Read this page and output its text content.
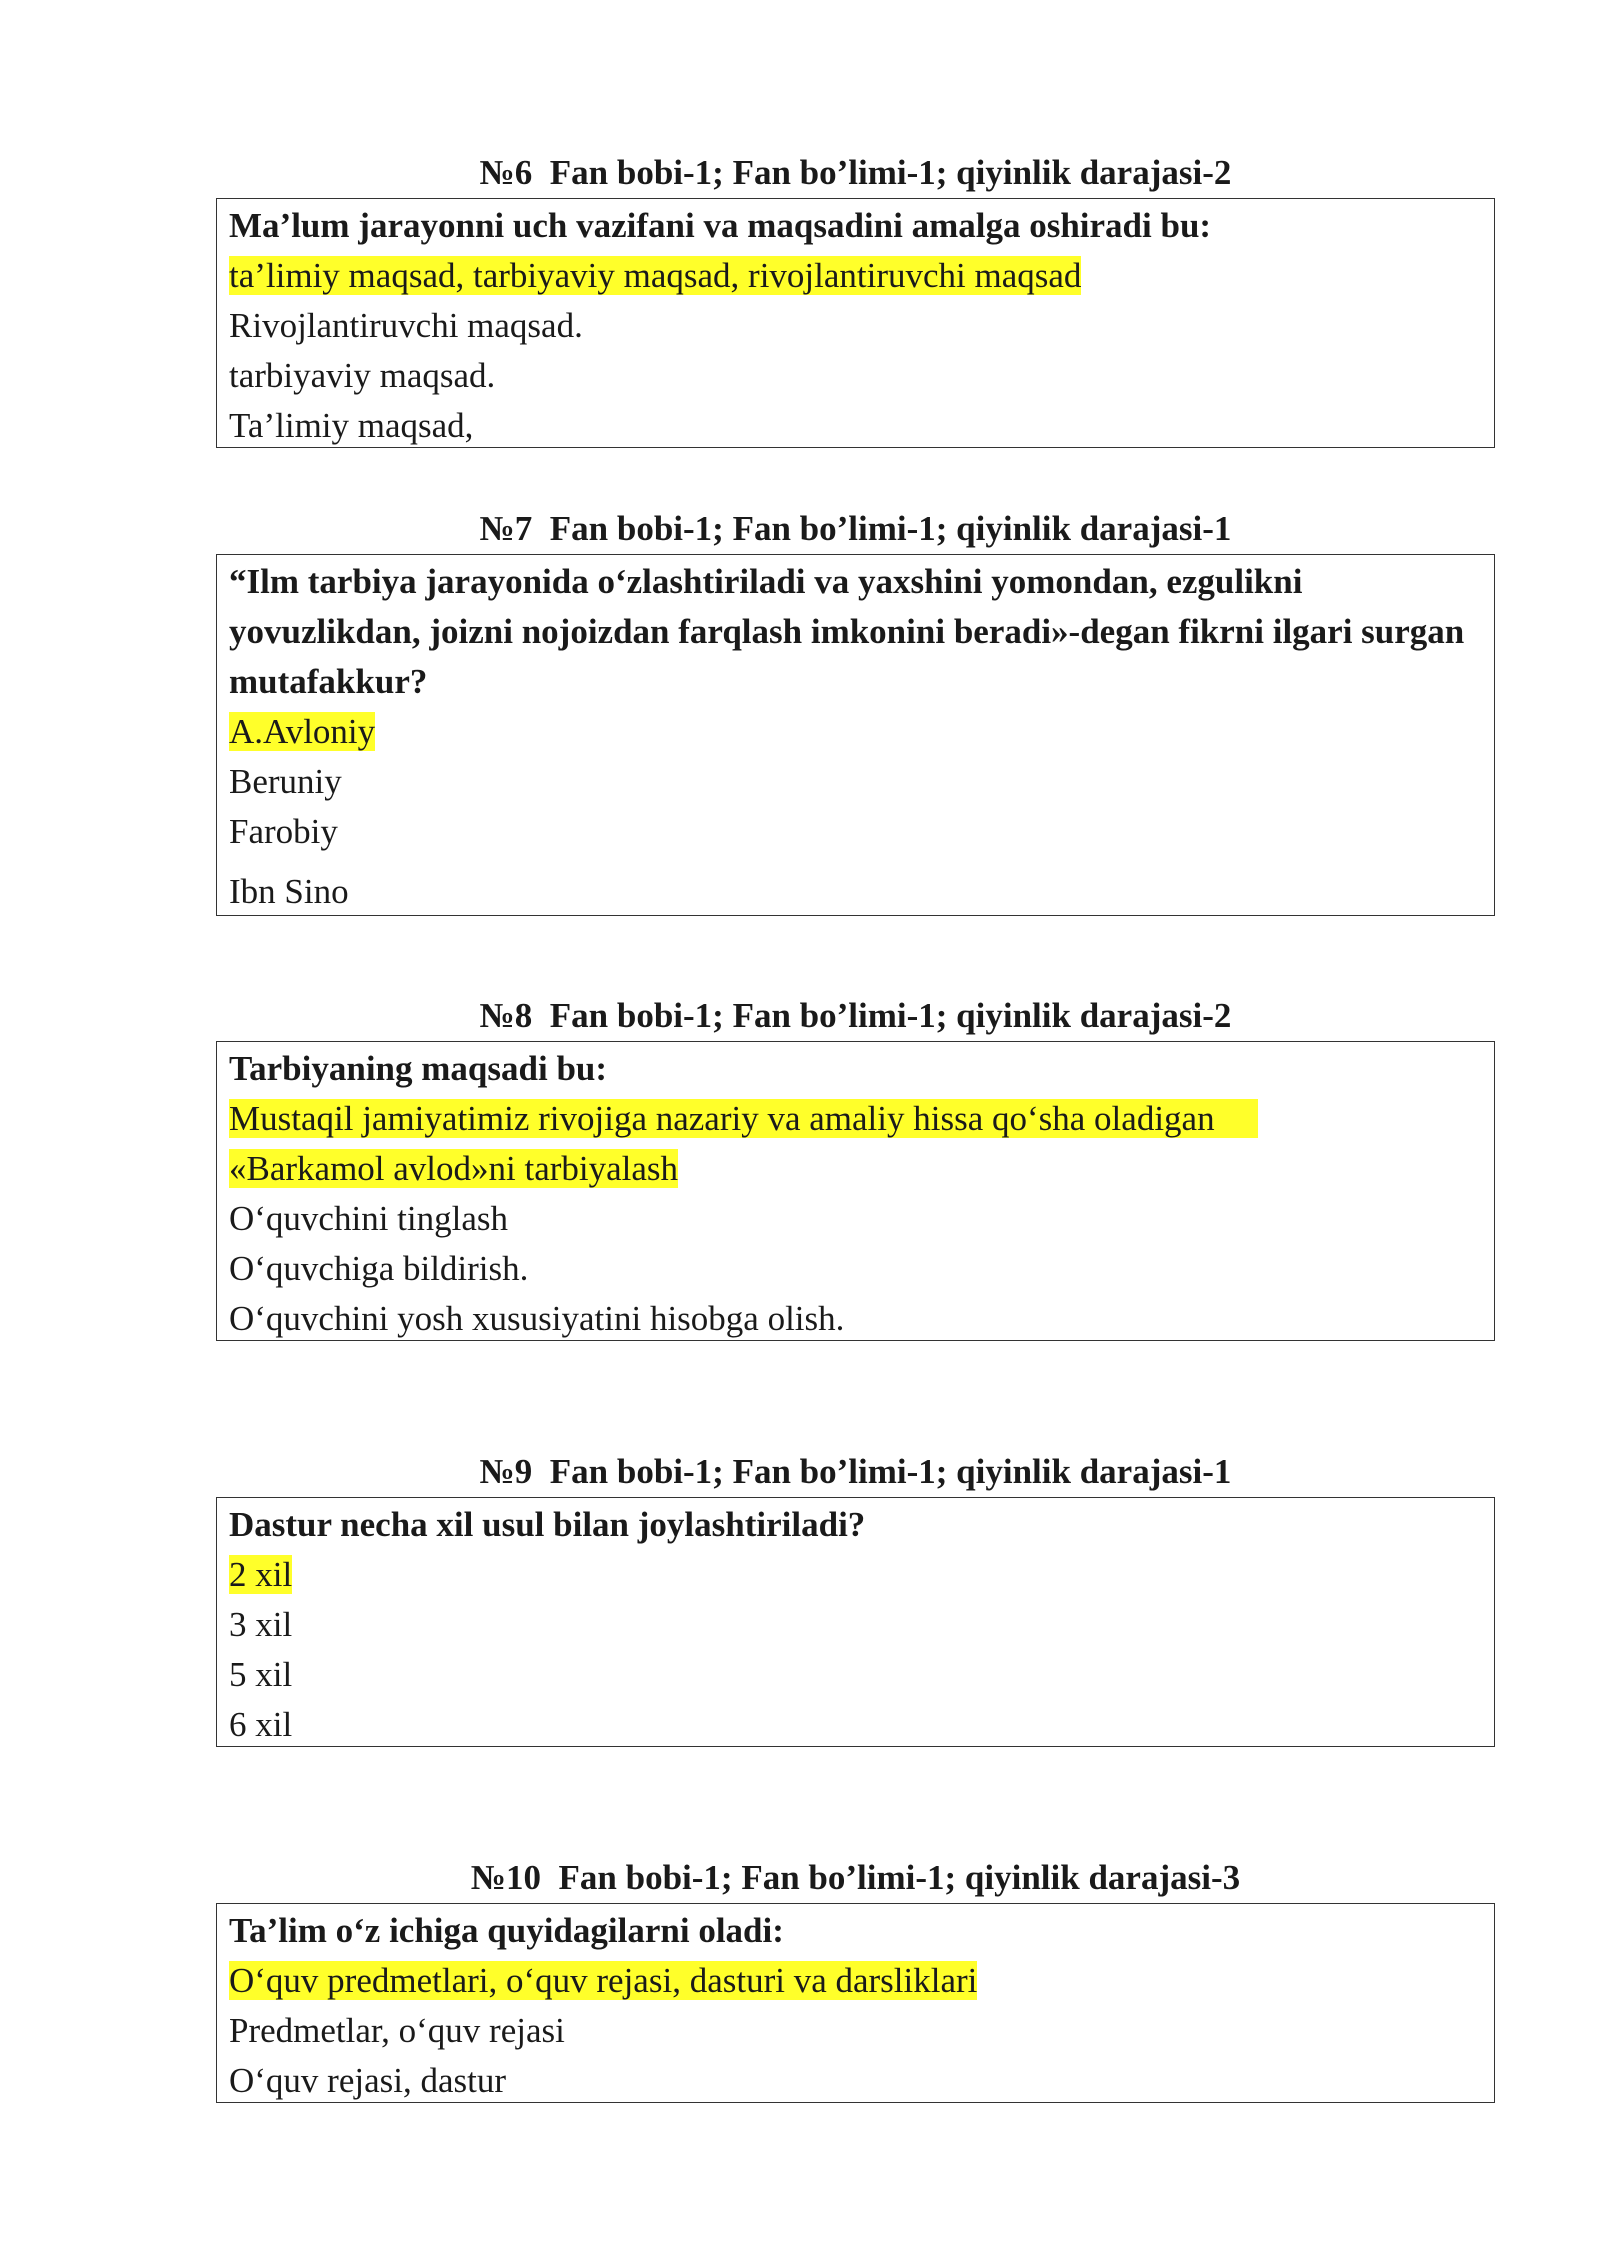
№6 Fan bobi-1; Fan bo’limi-1; qiyinlik darajasi-2
Ma’lum jarayonni uch vazifani va maqsadini amalga oshiradi bu:
ta’limiy maqsad, tarbiyaviy maqsad, rivojlantiruvchi maqsad
Rivojlantiruvchi maqsad.
tarbiyaviy maqsad.
Ta’limiy maqsad,
№7 Fan bobi-1; Fan bo’limi-1; qiyinlik darajasi-1
“Ilm tarbiya jarayonida o‘zlashtiriladi va yaxshini yomondan, ezgulikni yovuzlikdan, joizni nojoizdan farqlash imkonini beradi»-degan fikrni ilgari surgan mutafakkur?
A.Avloniy
Beruniy
Farobiy
Ibn Sino
№8 Fan bobi-1; Fan bo’limi-1; qiyinlik darajasi-2
Tarbiyaning maqsadi bu:
Mustaqil jamiyatimiz rivojiga nazariy va amaliy hissa qo‘sha oladigan
«Barkamol avlod»ni tarbiyalash
O‘quvchini tinglash
O‘quvchiga bildirish.
O‘quvchini yosh xususiyatini hisobga olish.
№9 Fan bobi-1; Fan bo’limi-1; qiyinlik darajasi-1
Dastur necha xil usul bilan joylashtiriladi?
2 xil
3 xil
5 xil
6 xil
№10 Fan bobi-1; Fan bo’limi-1; qiyinlik darajasi-3
Ta’lim o‘z ichiga quyidagilarni oladi:
O‘quv predmetlari, o‘quv rejasi, dasturi va darsliklari
Predmetlar, o‘quv rejasi
O‘quv rejasi, dastur
